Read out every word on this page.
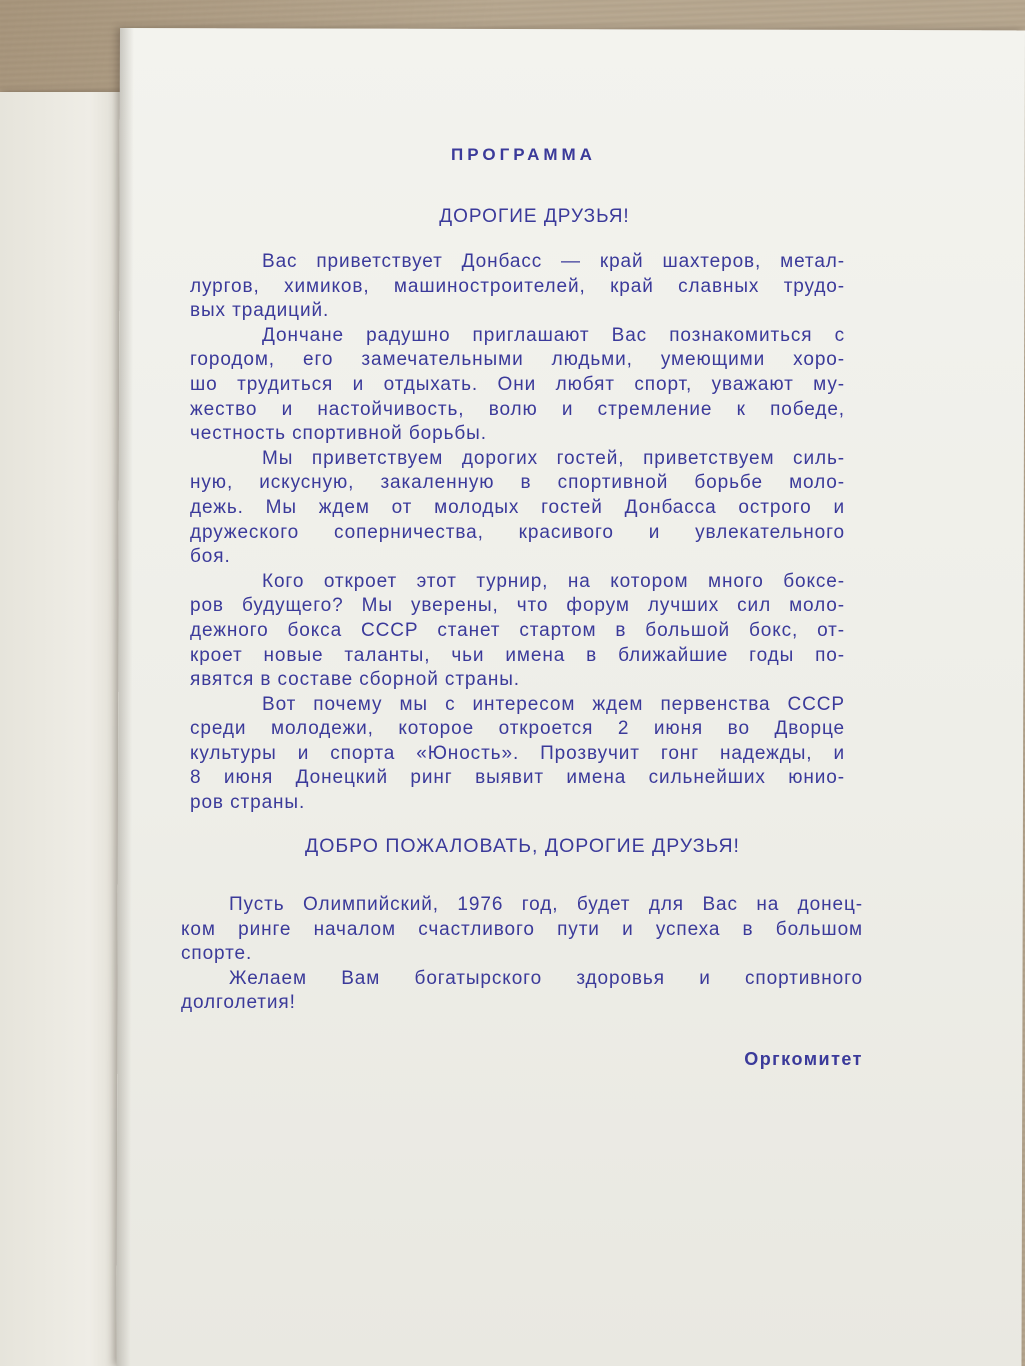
ПРОГРАММА
ДОРОГИЕ ДРУЗЬЯ!
Вас приветствует Донбасс — край шахтеров, метал-
лургов, химиков, машиностроителей, край славных трудо-
вых традиций.
Дончане радушно приглашают Вас познакомиться с
городом, его замечательными людьми, умеющими хоро-
шо трудиться и отдыхать. Они любят спорт, уважают му-
жество и настойчивость, волю и стремление к победе,
честность спортивной борьбы.
Мы приветствуем дорогих гостей, приветствуем силь-
ную, искусную, закаленную в спортивной борьбе моло-
дежь. Мы ждем от молодых гостей Донбасса острого и
дружеского соперничества, красивого и увлекательного
боя.
Кого откроет этот турнир, на котором много боксе-
ров будущего? Мы уверены, что форум лучших сил моло-
дежного бокса СССР станет стартом в большой бокс, от-
кроет новые таланты, чьи имена в ближайшие годы по-
явятся в составе сборной страны.
Вот почему мы с интересом ждем первенства СССР
среди молодежи, которое откроется 2 июня во Дворце
культуры и спорта «Юность». Прозвучит гонг надежды, и
8 июня Донецкий ринг выявит имена сильнейших юнио-
ров страны.
ДОБРО ПОЖАЛОВАТЬ, ДОРОГИЕ ДРУЗЬЯ!
Пусть Олимпийский, 1976 год, будет для Вас на донец-
ком ринге началом счастливого пути и успеха в большом
спорте.
Желаем Вам богатырского здоровья и спортивного
долголетия!
Оргкомитет
